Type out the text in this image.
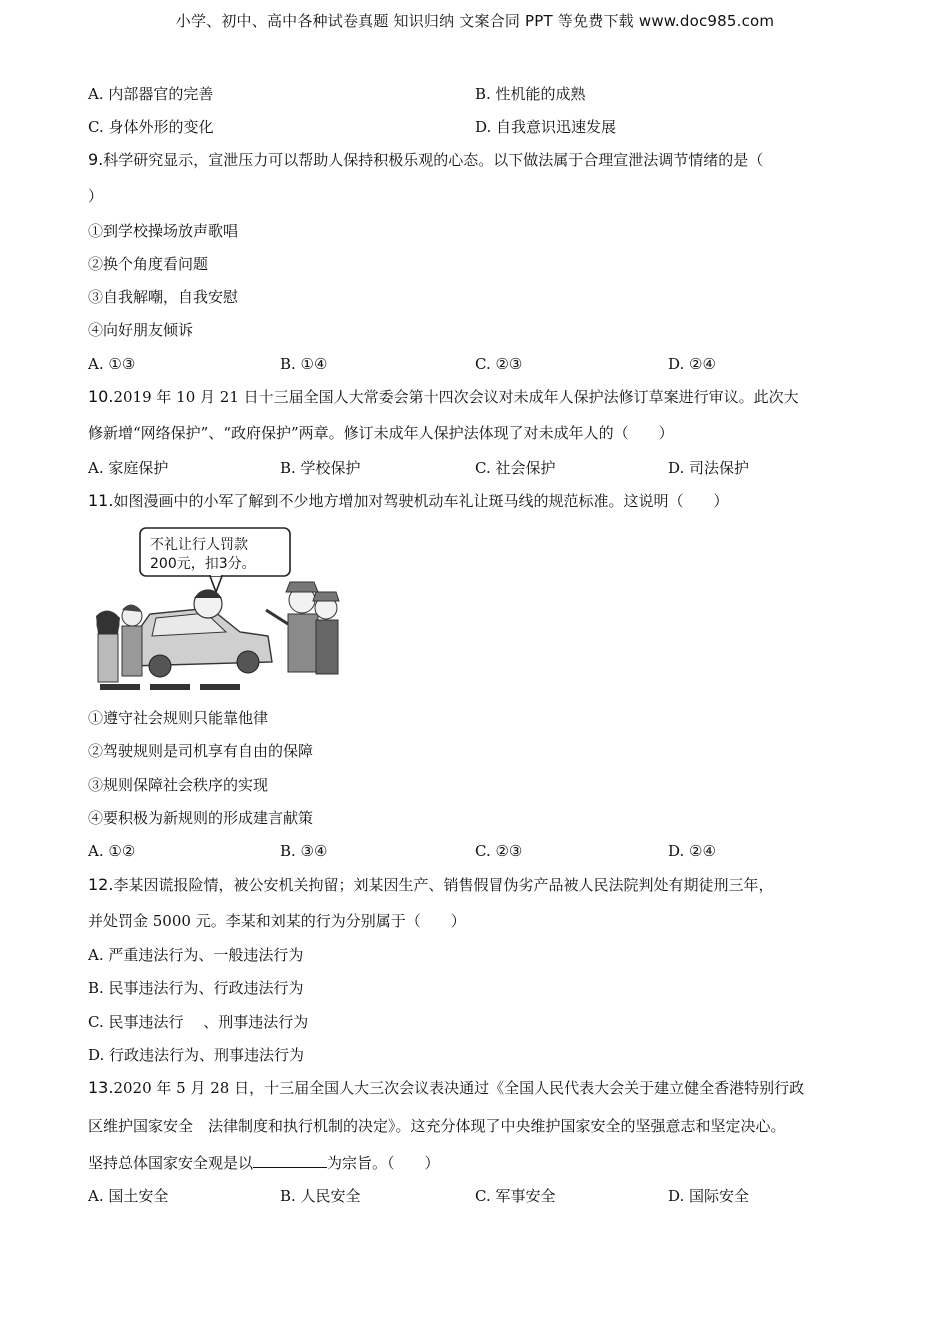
小学、初中、高中各种试卷真题 知识归纳 文案合同 PPT 等免费下载 www.doc985.com
A. 内部器官的完善	B. 性机能的成熟
C. 身体外形的变化	D. 自我意识迅速发展
9.科学研究显示，宣泄压力可以帮助人保持积极乐观的心态。以下做法属于合理宣泄法调节情绪的是（
）
①到学校操场放声歌唱
②换个角度看问题
③自我解嘲，自我安慰
④向好朋友倾诉
A. ①③	B. ①④	C. ②③	D. ②④
10.2019 年 10 月 21 日十三届全国人大常委会第十四次会议对未成年人保护法修订草案进行审议。此次大
修新增“网络保护”、“政府保护”两章。修订未成年人保护法体现了对未成年人的（　　）
A. 家庭保护	B. 学校保护	C. 社会保护	D. 司法保护
11.如图漫画中的小军了解到不少地方增加对驾驶机动车礼让斑马线的规范标准。这说明（　　）
不礼让行人罚款
200元，扣3分。
①遵守社会规则只能靠他律
②驾驶规则是司机享有自由的保障
③规则保障社会秩序的实现
④要积极为新规则的形成建言献策
A. ①②	B. ③④	C. ②③	D. ②④
12.李某因谎报险情，被公安机关拘留；刘某因生产、销售假冒伪劣产品被人民法院判处有期徒刑三年，
并处罚金 5000 元。李某和刘某的行为分别属于（　　）
A. 严重违法行为、一般违法行为
B. 民事违法行为、行政违法行为
C. 民事违法行　 、刑事违法行为
D. 行政违法行为、刑事违法行为
13.2020 年 5 月 28 日，十三届全国人大三次会议表决通过《全国人民代表大会关于建立健全香港特别行政
区维护国家安全　法律制度和执行机制的决定》。这充分体现了中央维护国家安全的坚强意志和坚定决心。
坚持总体国家安全观是以	为宗旨。（　　）
A. 国土安全	B. 人民安全	C. 军事安全	D. 国际安全
